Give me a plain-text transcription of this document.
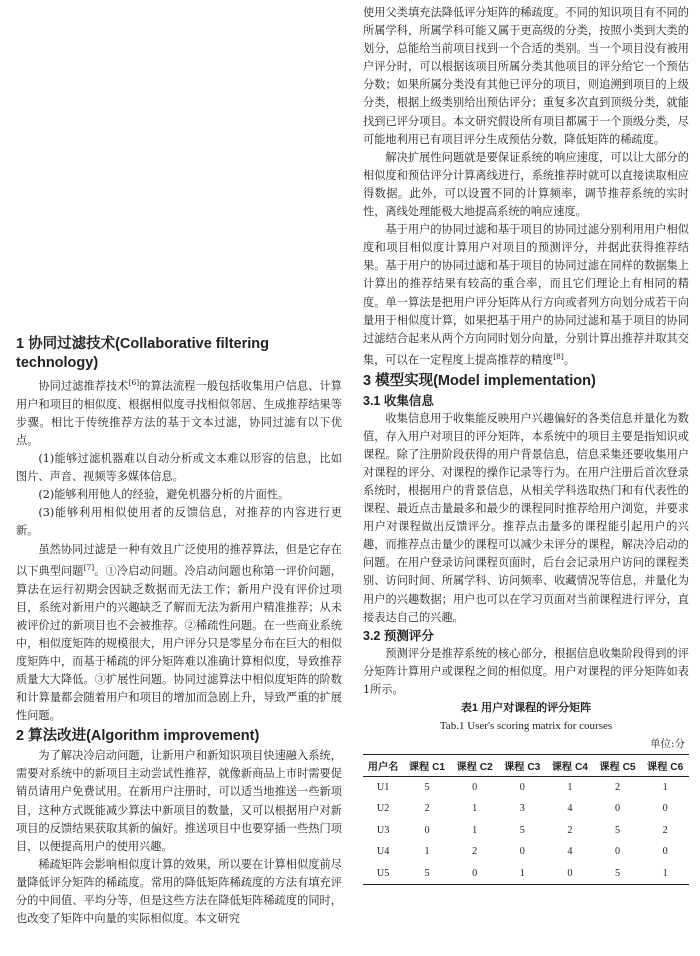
1 协同过滤技术(Collaborative filtering technology)

协同过滤推荐技术[6]的算法流程一般包括收集用户信息、计算用户和项目的相似度、根据相似度寻找相似邻居、生成推荐结果等步骤。相比于传统推荐方法的基于文本过滤，协同过滤有以下优点。

(1)能够过滤机器难以自动分析或文本难以形容的信息，比如图片、声音、视频等多媒体信息。

(2)能够利用他人的经验，避免机器分析的片面性。

(3)能够利用相似使用者的反馈信息，对推荐的内容进行更新。

虽然协同过滤是一种有效且广泛使用的推荐算法，但是它存在以下典型问题[7]。①冷启动问题。冷启动问题也称第一评价问题，算法在运行初期会因缺乏数据而无法工作；新用户没有评价过项目，系统对新用户的兴趣缺乏了解而无法为新用户精准推荐；从未被评价过的新项目也不会被推荐。②稀疏性问题。在一些商业系统中，相似度矩阵的规模很大，用户评分只是零星分布在巨大的相似度矩阵中，而基于稀疏的评分矩阵难以准确计算相似度，导致推荐质量大大降低。③扩展性问题。协同过滤算法中相似度矩阵的阶数和计算量都会随着用户和项目的增加而急剧上升，导致严重的扩展性问题。

2 算法改进(Algorithm improvement)

为了解决冷启动问题，让新用户和新知识项目快速融入系统，需要对系统中的新项目主动尝试性推荐，就像新商品上市时需要促销员请用户免费试用。在新用户注册时，可以适当地推送一些新项目，这种方式既能减少算法中新项目的数量，又可以根据用户对新项目的反馈结果获取其新的偏好。推送项目中也要穿插一些热门项目，以便提高用户的使用兴趣。

稀疏矩阵会影响相似度计算的效果，所以要在计算相似度前尽量降低评分矩阵的稀疏度。常用的降低矩阵稀疏度的方法有填充评分的中间值、平均分等，但是这些方法在降低矩阵稀疏度的同时，也改变了矩阵中向量的实际相似度。本文研究

使用父类填充法降低评分矩阵的稀疏度。不同的知识项目有不同的所属学科，所属学科可能又属于更高级的分类，按照小类到大类的划分，总能给当前项目找到一个合适的类别。当一个项目没有被用户评分时，可以根据该项目所属分类其他项目的评分给它一个预估分数；如果所属分类没有其他已评分的项目，则追溯到项目的上级分类，根据上级类别给出预估评分；重复多次直到顶级分类，就能找到已评分项目。本文研究假设所有项目都属于一个顶级分类，尽可能地利用已有项目评分生成预估分数，降低矩阵的稀疏度。

解决扩展性问题就是要保证系统的响应速度，可以让大部分的相似度和预估评分计算离线进行，系统推荐时就可以直接读取相应得数据。此外，可以设置不同的计算频率，调节推荐系统的实时性，离线处理能极大地提高系统的响应速度。

基于用户的协同过滤和基于项目的协同过滤分别利用用户相似度和项目相似度计算用户对项目的预测评分，并据此获得推荐结果。基于用户的协同过滤和基于项目的协同过滤在同样的数据集上计算出的推荐结果有较高的重合率，而且它们理论上有相同的精度。单一算法是把用户评分矩阵从行方向或者列方向划分成若干向量用于相似度计算，如果把基于用户的协同过滤和基于项目的协同过滤结合起来从两个方向同时划分向量，分别计算出推荐并取其交集，可以在一定程度上提高推荐的精度[8]。

3 模型实现(Model implementation)
3.1 收集信息

收集信息用于收集能反映用户兴趣偏好的各类信息并量化为数值，存入用户对项目的评分矩阵，本系统中的项目主要是指知识或课程。除了注册阶段获得的用户背景信息，信息采集还要收集用户对课程的评分、对课程的操作记录等行为。在用户注册后首次登录系统时，根据用户的背景信息，从相关学科选取热门和有代表性的课程、最近点击量最多和最少的课程同时推荐给用户浏览，并要求用户对课程做出反馈评分。推荐点击量多的课程能引起用户的兴趣，而推荐点击量少的课程可以减少未评分的课程，解决冷启动的问题。在用户登录访问课程页面时，后台会记录用户访问的课程类别、访问时间、所属学科、访问频率、收藏情况等信息，并量化为用户的兴趣数据；用户也可以在学习页面对当前课程进行评分，直接表达自己的兴趣。

3.2 预测评分

预测评分是推荐系统的核心部分，根据信息收集阶段得到的评分矩阵计算用户或课程之间的相似度。用户对课程的评分矩阵如表1所示。

表1 用户对课程的评分矩阵
Tab.1 User's scoring matrix for courses
单位:分
用户名	课程 C1	课程 C2	课程 C3	课程 C4	课程 C5	课程 C6
U1	5	0	0	1	2	1
U2	2	1	3	4	0	0
U3	0	1	5	2	5	2
U4	1	2	0	4	0	0
U5	5	0	1	0	5	1
